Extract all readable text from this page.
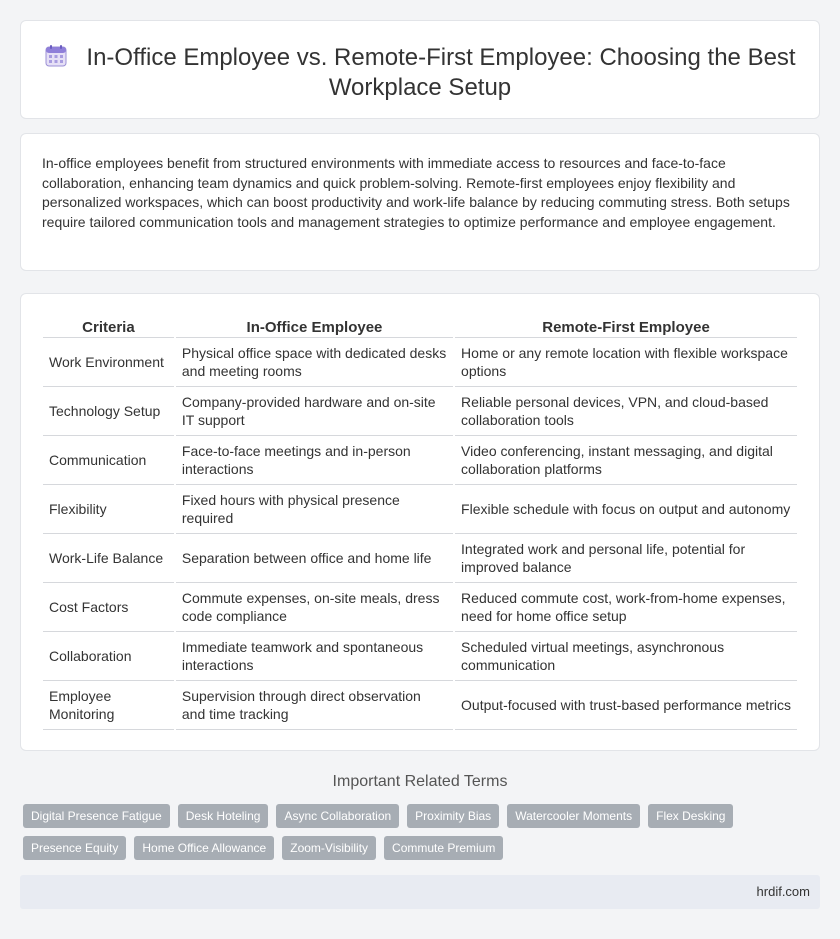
In-Office Employee vs. Remote-First Employee: Choosing the Best Workplace Setup

In-office employees benefit from structured environments with immediate access to resources and face-to-face collaboration, enhancing team dynamics and quick problem-solving. Remote-first employees enjoy flexibility and personalized workspaces, which can boost productivity and work-life balance by reducing commuting stress. Both setups require tailored communication tools and management strategies to optimize performance and employee engagement.

Criteria	In-Office Employee	Remote-First Employee
Work Environment	Physical office space with dedicated desks and meeting rooms	Home or any remote location with flexible workspace options
Technology Setup	Company-provided hardware and on-site IT support	Reliable personal devices, VPN, and cloud-based collaboration tools
Communication	Face-to-face meetings and in-person interactions	Video conferencing, instant messaging, and digital collaboration platforms
Flexibility	Fixed hours with physical presence required	Flexible schedule with focus on output and autonomy
Work-Life Balance	Separation between office and home life	Integrated work and personal life, potential for improved balance
Cost Factors	Commute expenses, on-site meals, dress code compliance	Reduced commute cost, work-from-home expenses, need for home office setup
Collaboration	Immediate teamwork and spontaneous interactions	Scheduled virtual meetings, asynchronous communication
Employee Monitoring	Supervision through direct observation and time tracking	Output-focused with trust-based performance metrics
Important Related Terms
Digital Presence Fatigue	Desk Hoteling	Async Collaboration	Proximity Bias	Watercooler Moments	Flex Desking
Presence Equity	Home Office Allowance	Zoom-Visibility	Commute Premium
hrdif.com
